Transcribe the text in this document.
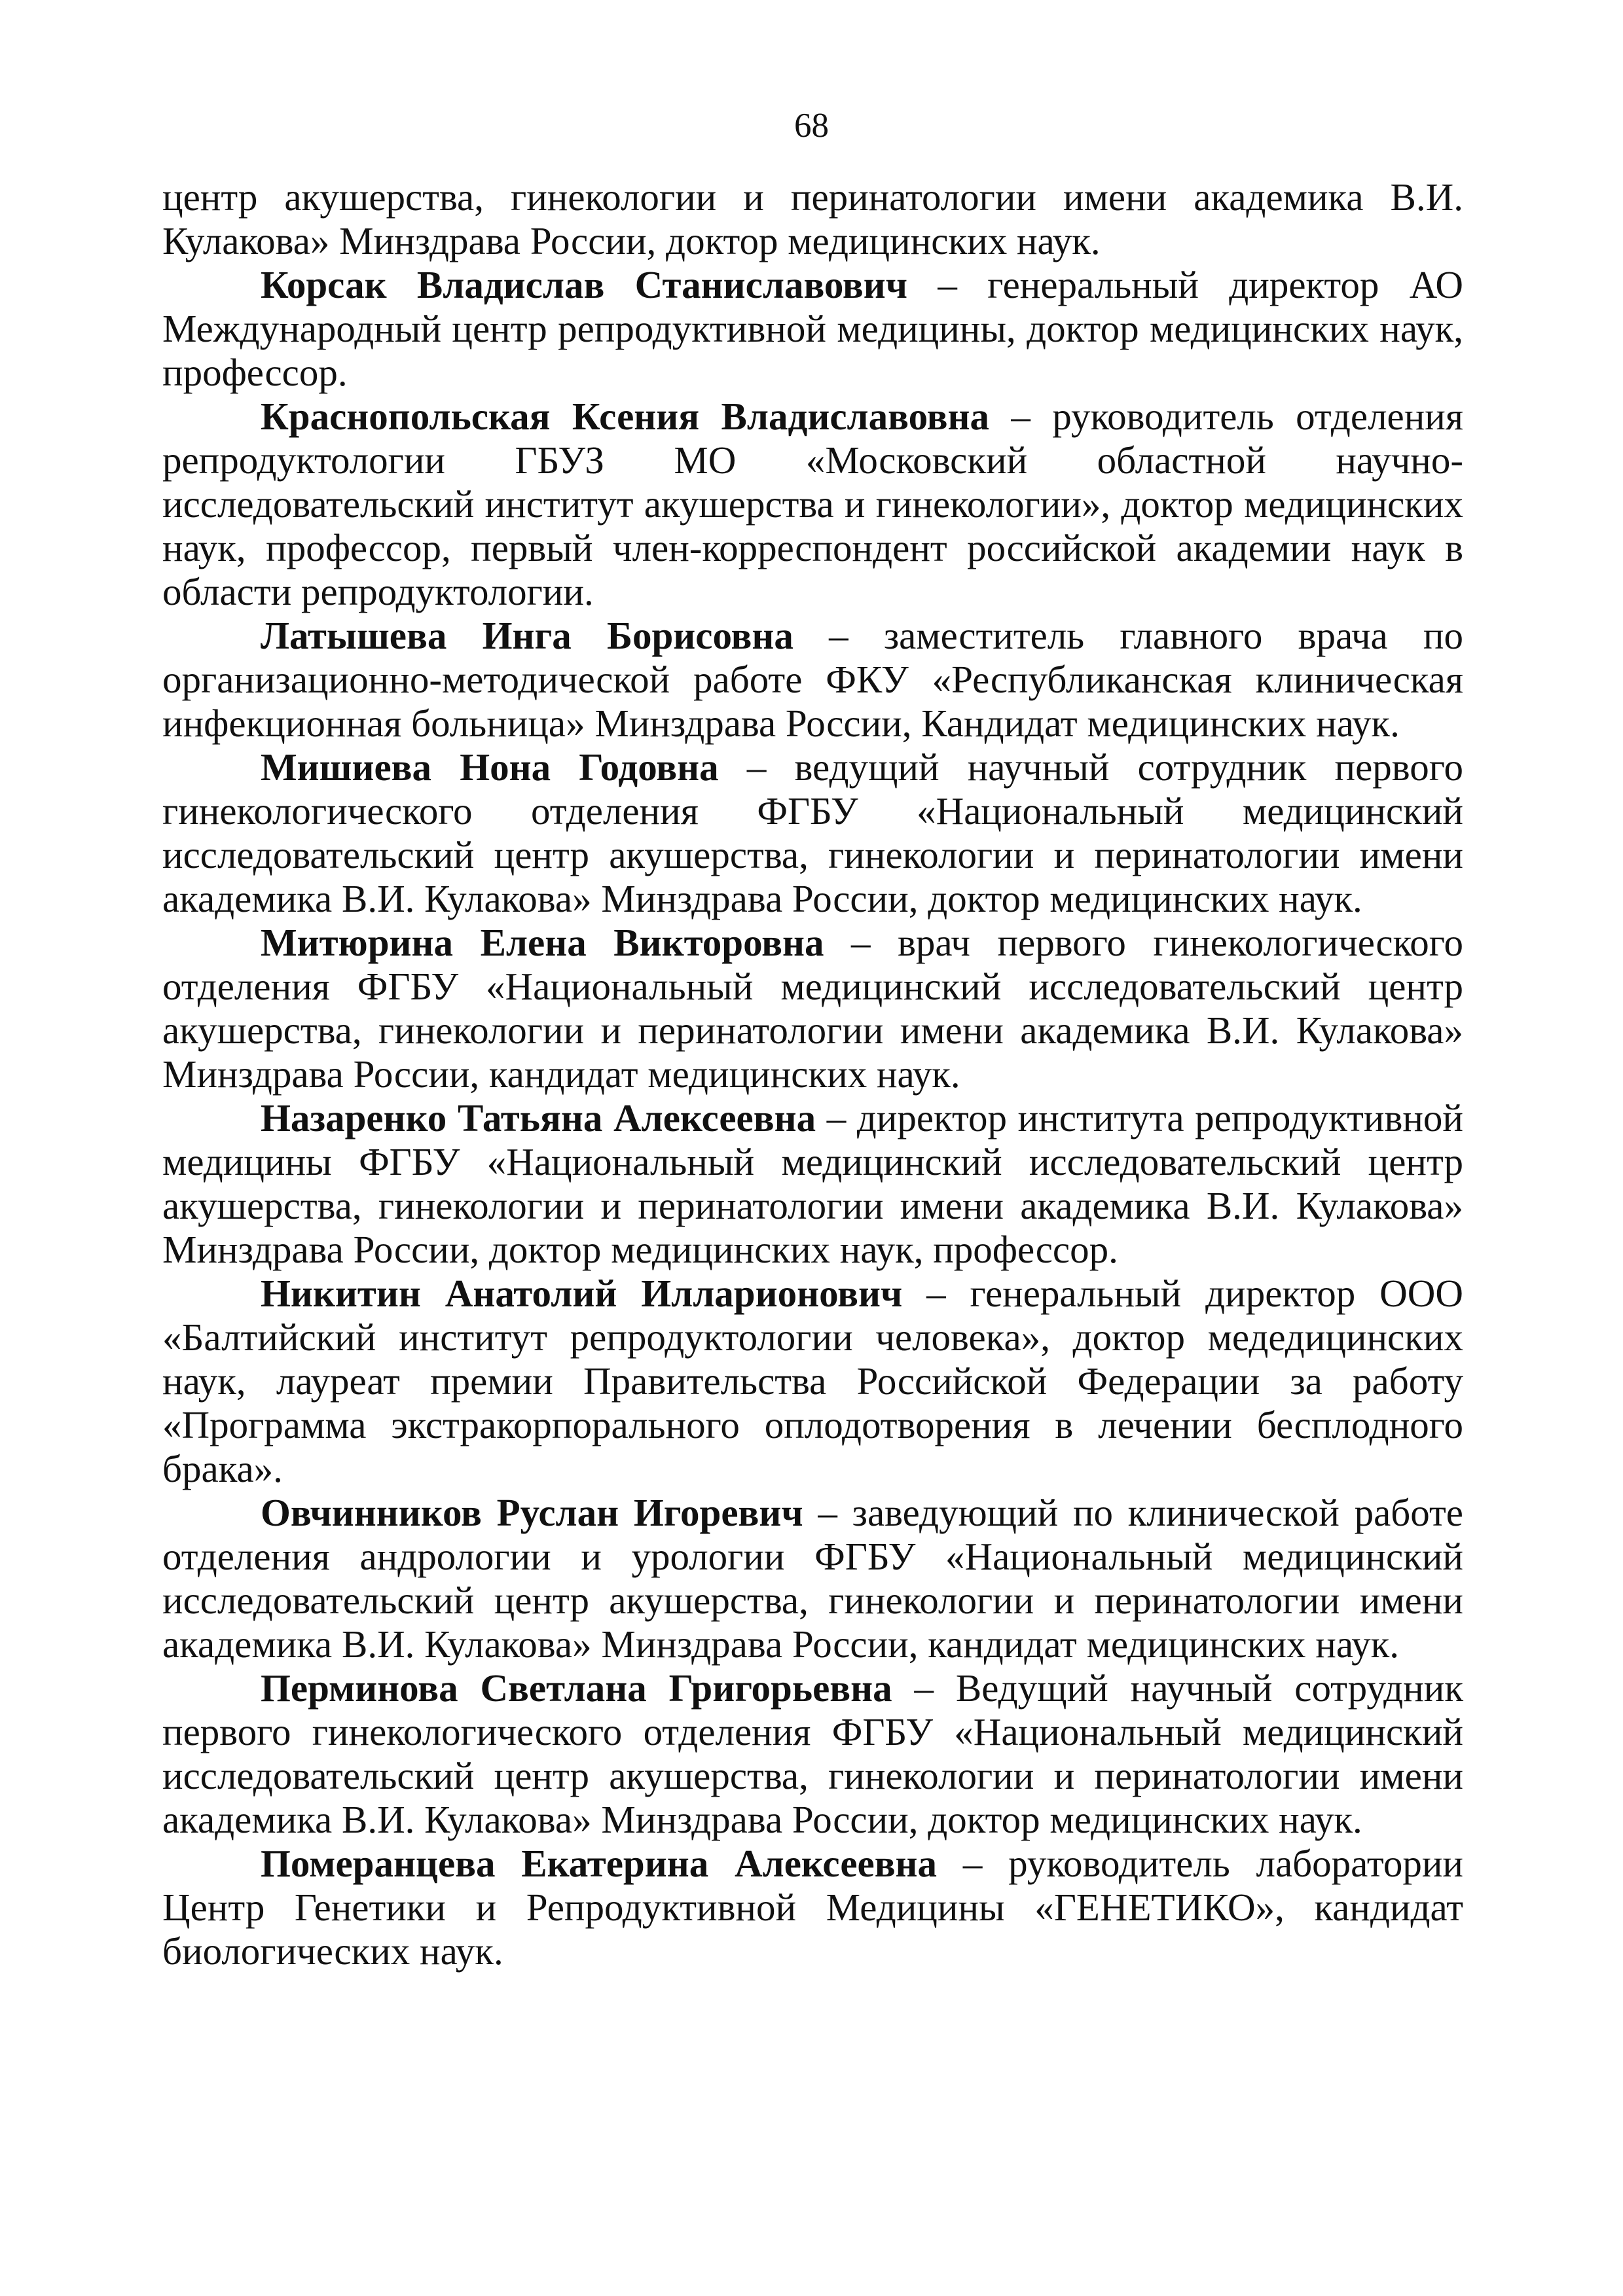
68

центр акушерства, гинекологии и перинатологии имени академика В.И. Кулакова» Минздрава России, доктор медицинских наук.

Корсак Владислав Станиславович – генеральный директор АО Международный центр репродуктивной медицины, доктор медицинских наук, профессор.

Краснопольская Ксения Владиславовна – руководитель отделения репродуктологии ГБУЗ МО «Московский областной научно-исследовательский институт акушерства и гинекологии», доктор медицинских наук, профессор, первый член-корреспондент российской академии наук в области репродуктологии.

Латышева Инга Борисовна – заместитель главного врача по организационно-методической работе ФКУ «Республиканская клиническая инфекционная больница» Минздрава России, Кандидат медицинских наук.

Мишиева Нона Годовна – ведущий научный сотрудник первого гинекологического отделения ФГБУ «Национальный медицинский исследовательский центр акушерства, гинекологии и перинатологии имени академика В.И. Кулакова» Минздрава России, доктор медицинских наук.

Митюрина Елена Викторовна – врач первого гинекологического отделения ФГБУ «Национальный медицинский исследовательский центр акушерства, гинекологии и перинатологии имени академика В.И. Кулакова» Минздрава России, кандидат медицинских наук.

Назаренко Татьяна Алексеевна – директор института репродуктивной медицины ФГБУ «Национальный медицинский исследовательский центр акушерства, гинекологии и перинатологии имени академика В.И. Кулакова» Минздрава России, доктор медицинских наук, профессор.

Никитин Анатолий Илларионович – генеральный директор ООО «Балтийский институт репродуктологии человека», доктор медедицинских наук, лауреат премии Правительства Российской Федерации за работу «Программа экстракорпорального оплодотворения в лечении бесплодного брака».

Овчинников Руслан Игоревич – заведующий по клинической работе отделения андрологии и урологии ФГБУ «Национальный медицинский исследовательский центр акушерства, гинекологии и перинатологии имени академика В.И. Кулакова» Минздрава России, кандидат медицинских наук.

Перминова Светлана Григорьевна – Ведущий научный сотрудник первого гинекологического отделения ФГБУ «Национальный медицинский исследовательский центр акушерства, гинекологии и перинатологии имени академика В.И. Кулакова» Минздрава России, доктор медицинских наук.

Померанцева Екатерина Алексеевна – руководитель лаборатории Центр Генетики и Репродуктивной Медицины «ГЕНЕТИКО», кандидат биологических наук.
